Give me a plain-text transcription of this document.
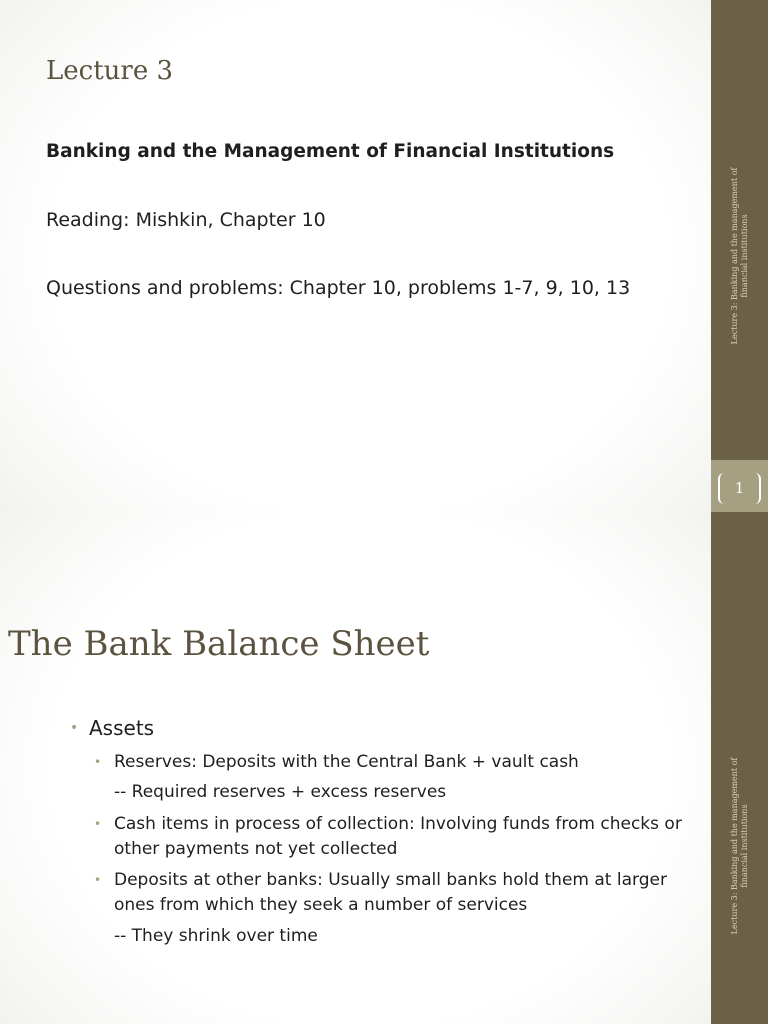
Lecture 3: Banking and the management of financial institutions
1
Lecture 3

Banking and the Management of Financial Institutions

Reading: Mishkin, Chapter 10

Questions and problems: Chapter 10, problems 1-7, 9, 10, 13

Lecture 3: Banking and the management of financial institutions
The Bank Balance Sheet
• Assets
• Reserves: Deposits with the Central Bank + vault cash
-- Required reserves + excess reserves
• Cash items in process of collection: Involving funds from checks or other payments not yet collected
• Deposits at other banks: Usually small banks hold them at larger ones from which they seek a number of services
-- They shrink over time
